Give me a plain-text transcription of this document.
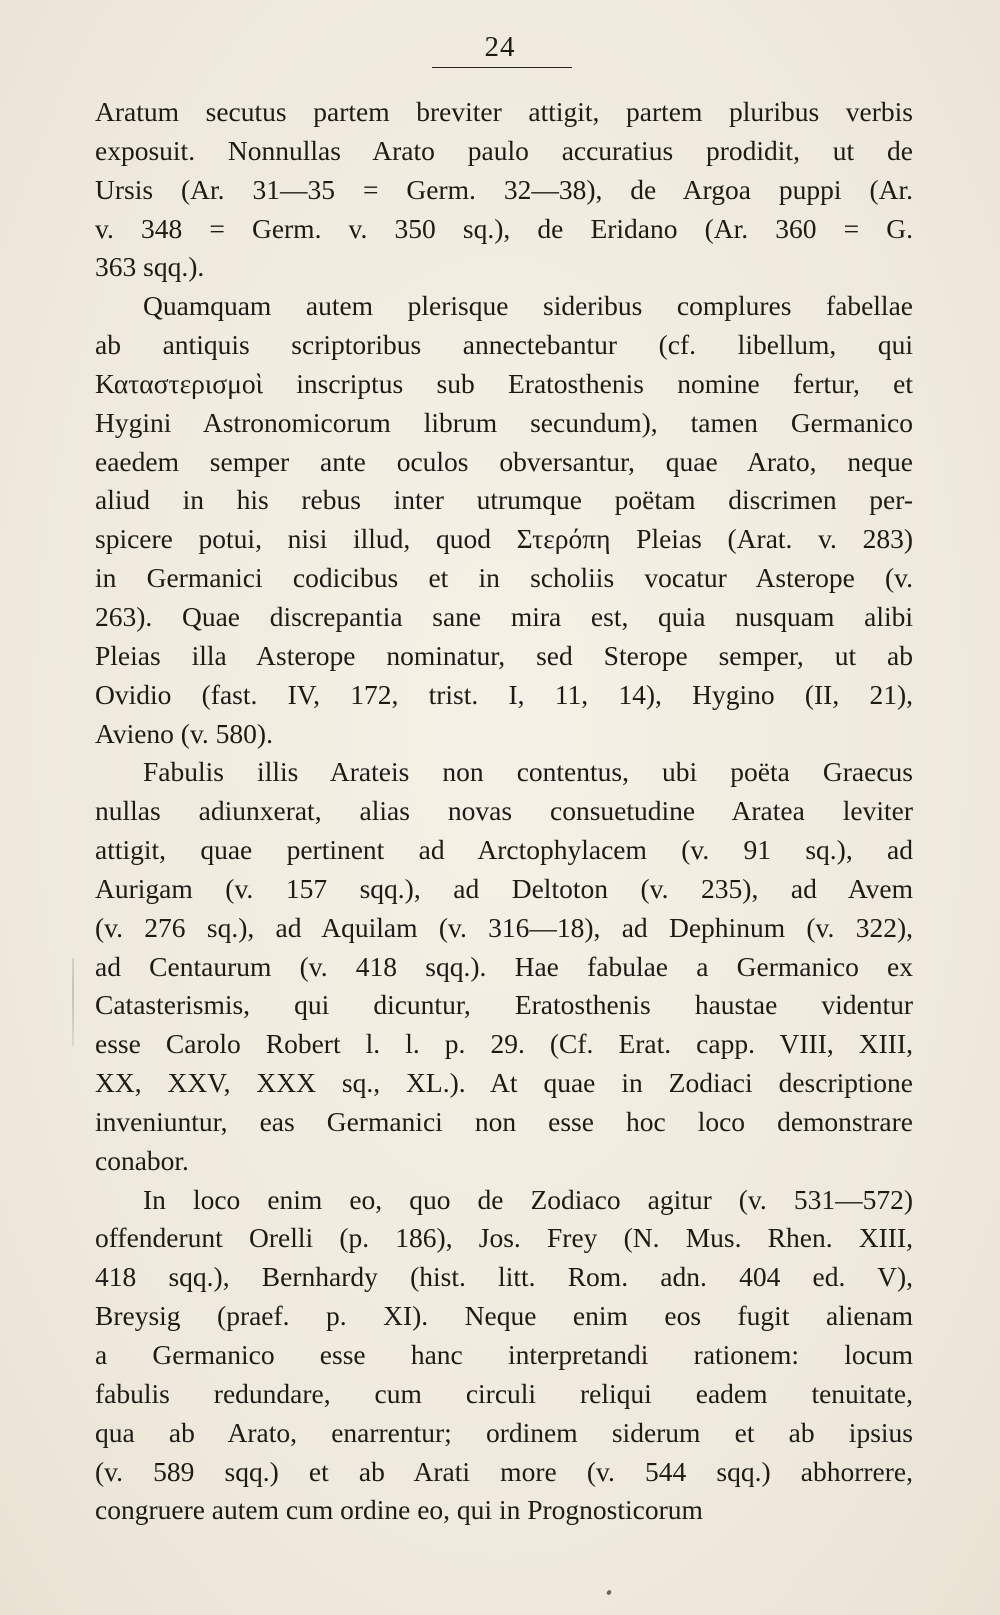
24
Aratum secutus partem breviter attigit, partem pluribus verbis
exposuit. Nonnullas Arato paulo accuratius prodidit, ut de
Ursis (Ar. 31—35 = Germ. 32—38), de Argoa puppi (Ar.
v. 348 = Germ. v. 350 sq.), de Eridano (Ar. 360 = G.
363 sqq.).
Quamquam autem plerisque sideribus complures fabellae
ab antiquis scriptoribus annectebantur (cf. libellum, qui
Καταστερισμοὶ inscriptus sub Eratosthenis nomine fertur, et
Hygini Astronomicorum librum secundum), tamen Germanico
eaedem semper ante oculos obversantur, quae Arato, neque
aliud in his rebus inter utrumque poëtam discrimen per-
spicere potui, nisi illud, quod Στερόπη Pleias (Arat. v. 283)
in Germanici codicibus et in scholiis vocatur Asterope (v.
263). Quae discrepantia sane mira est, quia nusquam alibi
Pleias illa Asterope nominatur, sed Sterope semper, ut ab
Ovidio (fast. IV, 172, trist. I, 11, 14), Hygino (II, 21),
Avieno (v. 580).
Fabulis illis Arateis non contentus, ubi poëta Graecus
nullas adiunxerat, alias novas consuetudine Aratea leviter
attigit, quae pertinent ad Arctophylacem (v. 91 sq.), ad
Aurigam (v. 157 sqq.), ad Deltoton (v. 235), ad Avem
(v. 276 sq.), ad Aquilam (v. 316—18), ad Dephinum (v. 322),
ad Centaurum (v. 418 sqq.). Hae fabulae a Germanico ex
Catasterismis, qui dicuntur, Eratosthenis haustae videntur
esse Carolo Robert l. l. p. 29. (Cf. Erat. capp. VIII, XIII,
XX, XXV, XXX sq., XL.). At quae in Zodiaci descriptione
inveniuntur, eas Germanici non esse hoc loco demonstrare
conabor.
In loco enim eo, quo de Zodiaco agitur (v. 531—572)
offenderunt Orelli (p. 186), Jos. Frey (N. Mus. Rhen. XIII,
418 sqq.), Bernhardy (hist. litt. Rom. adn. 404 ed. V),
Breysig (praef. p. XI). Neque enim eos fugit alienam
a Germanico esse hanc interpretandi rationem: locum
fabulis redundare, cum circuli reliqui eadem tenuitate,
qua ab Arato, enarrentur; ordinem siderum et ab ipsius
(v. 589 sqq.) et ab Arati more (v. 544 sqq.) abhorrere,
congruere autem cum ordine eo, qui in Prognosticorum
